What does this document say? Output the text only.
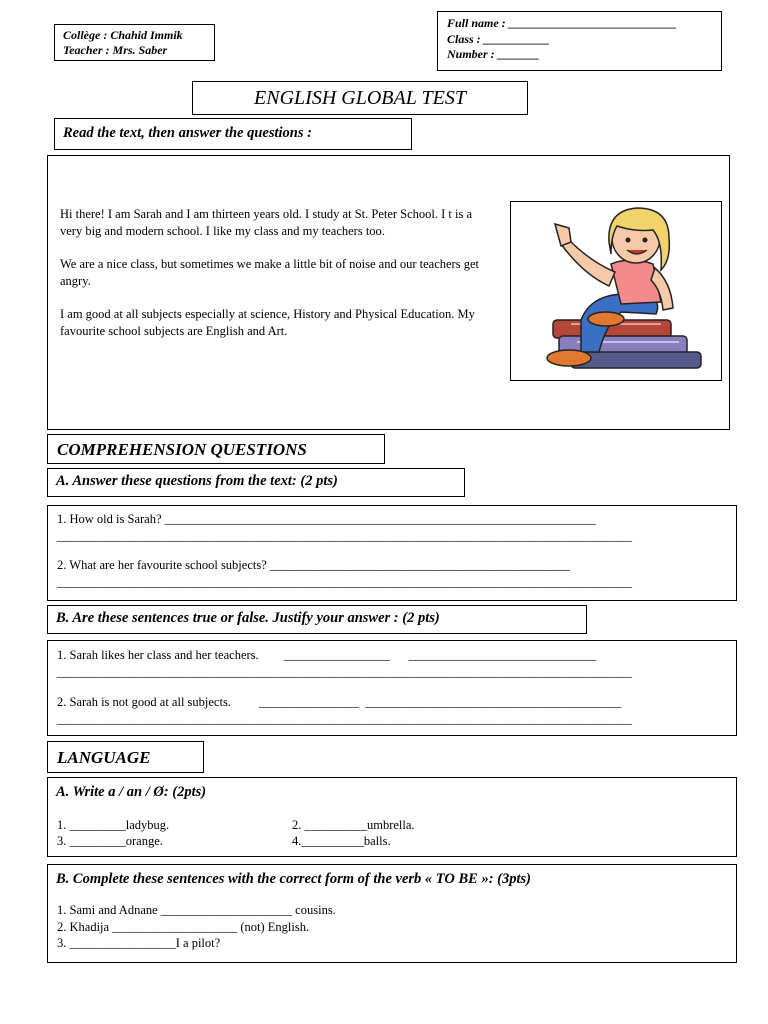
Collège : Chahid Immik
Teacher : Mrs. Saber
Full name : ____________________________
Class : ___________
Number : _______
ENGLISH GLOBAL TEST
Read the text, then answer the questions :

Hi there! I am Sarah and I am thirteen years old. I study at St. Peter School. I t is a very big and modern school. I like my class and my teachers too.

We are a nice class, but sometimes we make a little bit of noise and our teachers get angry.

I am good at all subjects especially at science, History and Physical Education. My favourite school subjects are English and Art.

COMPREHENSION QUESTIONS
A. Answer these questions from the text: (2 pts)
1. How old is Sarah? _____________________________________________________________________
____________________________________________________________________________________________
2. What are her favourite school subjects? ________________________________________________
____________________________________________________________________________________________
B. Are these sentences true or false. Justify your answer : (2 pts)
1. Sarah likes her class and her teachers.        _________________      ______________________________
____________________________________________________________________________________________
2. Sarah is not good at all subjects.         ________________  _________________________________________
____________________________________________________________________________________________
LANGUAGE
A. Write a / an / Ø: (2pts)
1. _________ladybug.	2. __________umbrella.
3. _________orange.	4.__________balls.
B. Complete these sentences with the correct form of the verb « TO BE »: (3pts)
1. Sami and Adnane _____________________ cousins.
2. Khadija ____________________ (not) English.
3. _________________I a pilot?
